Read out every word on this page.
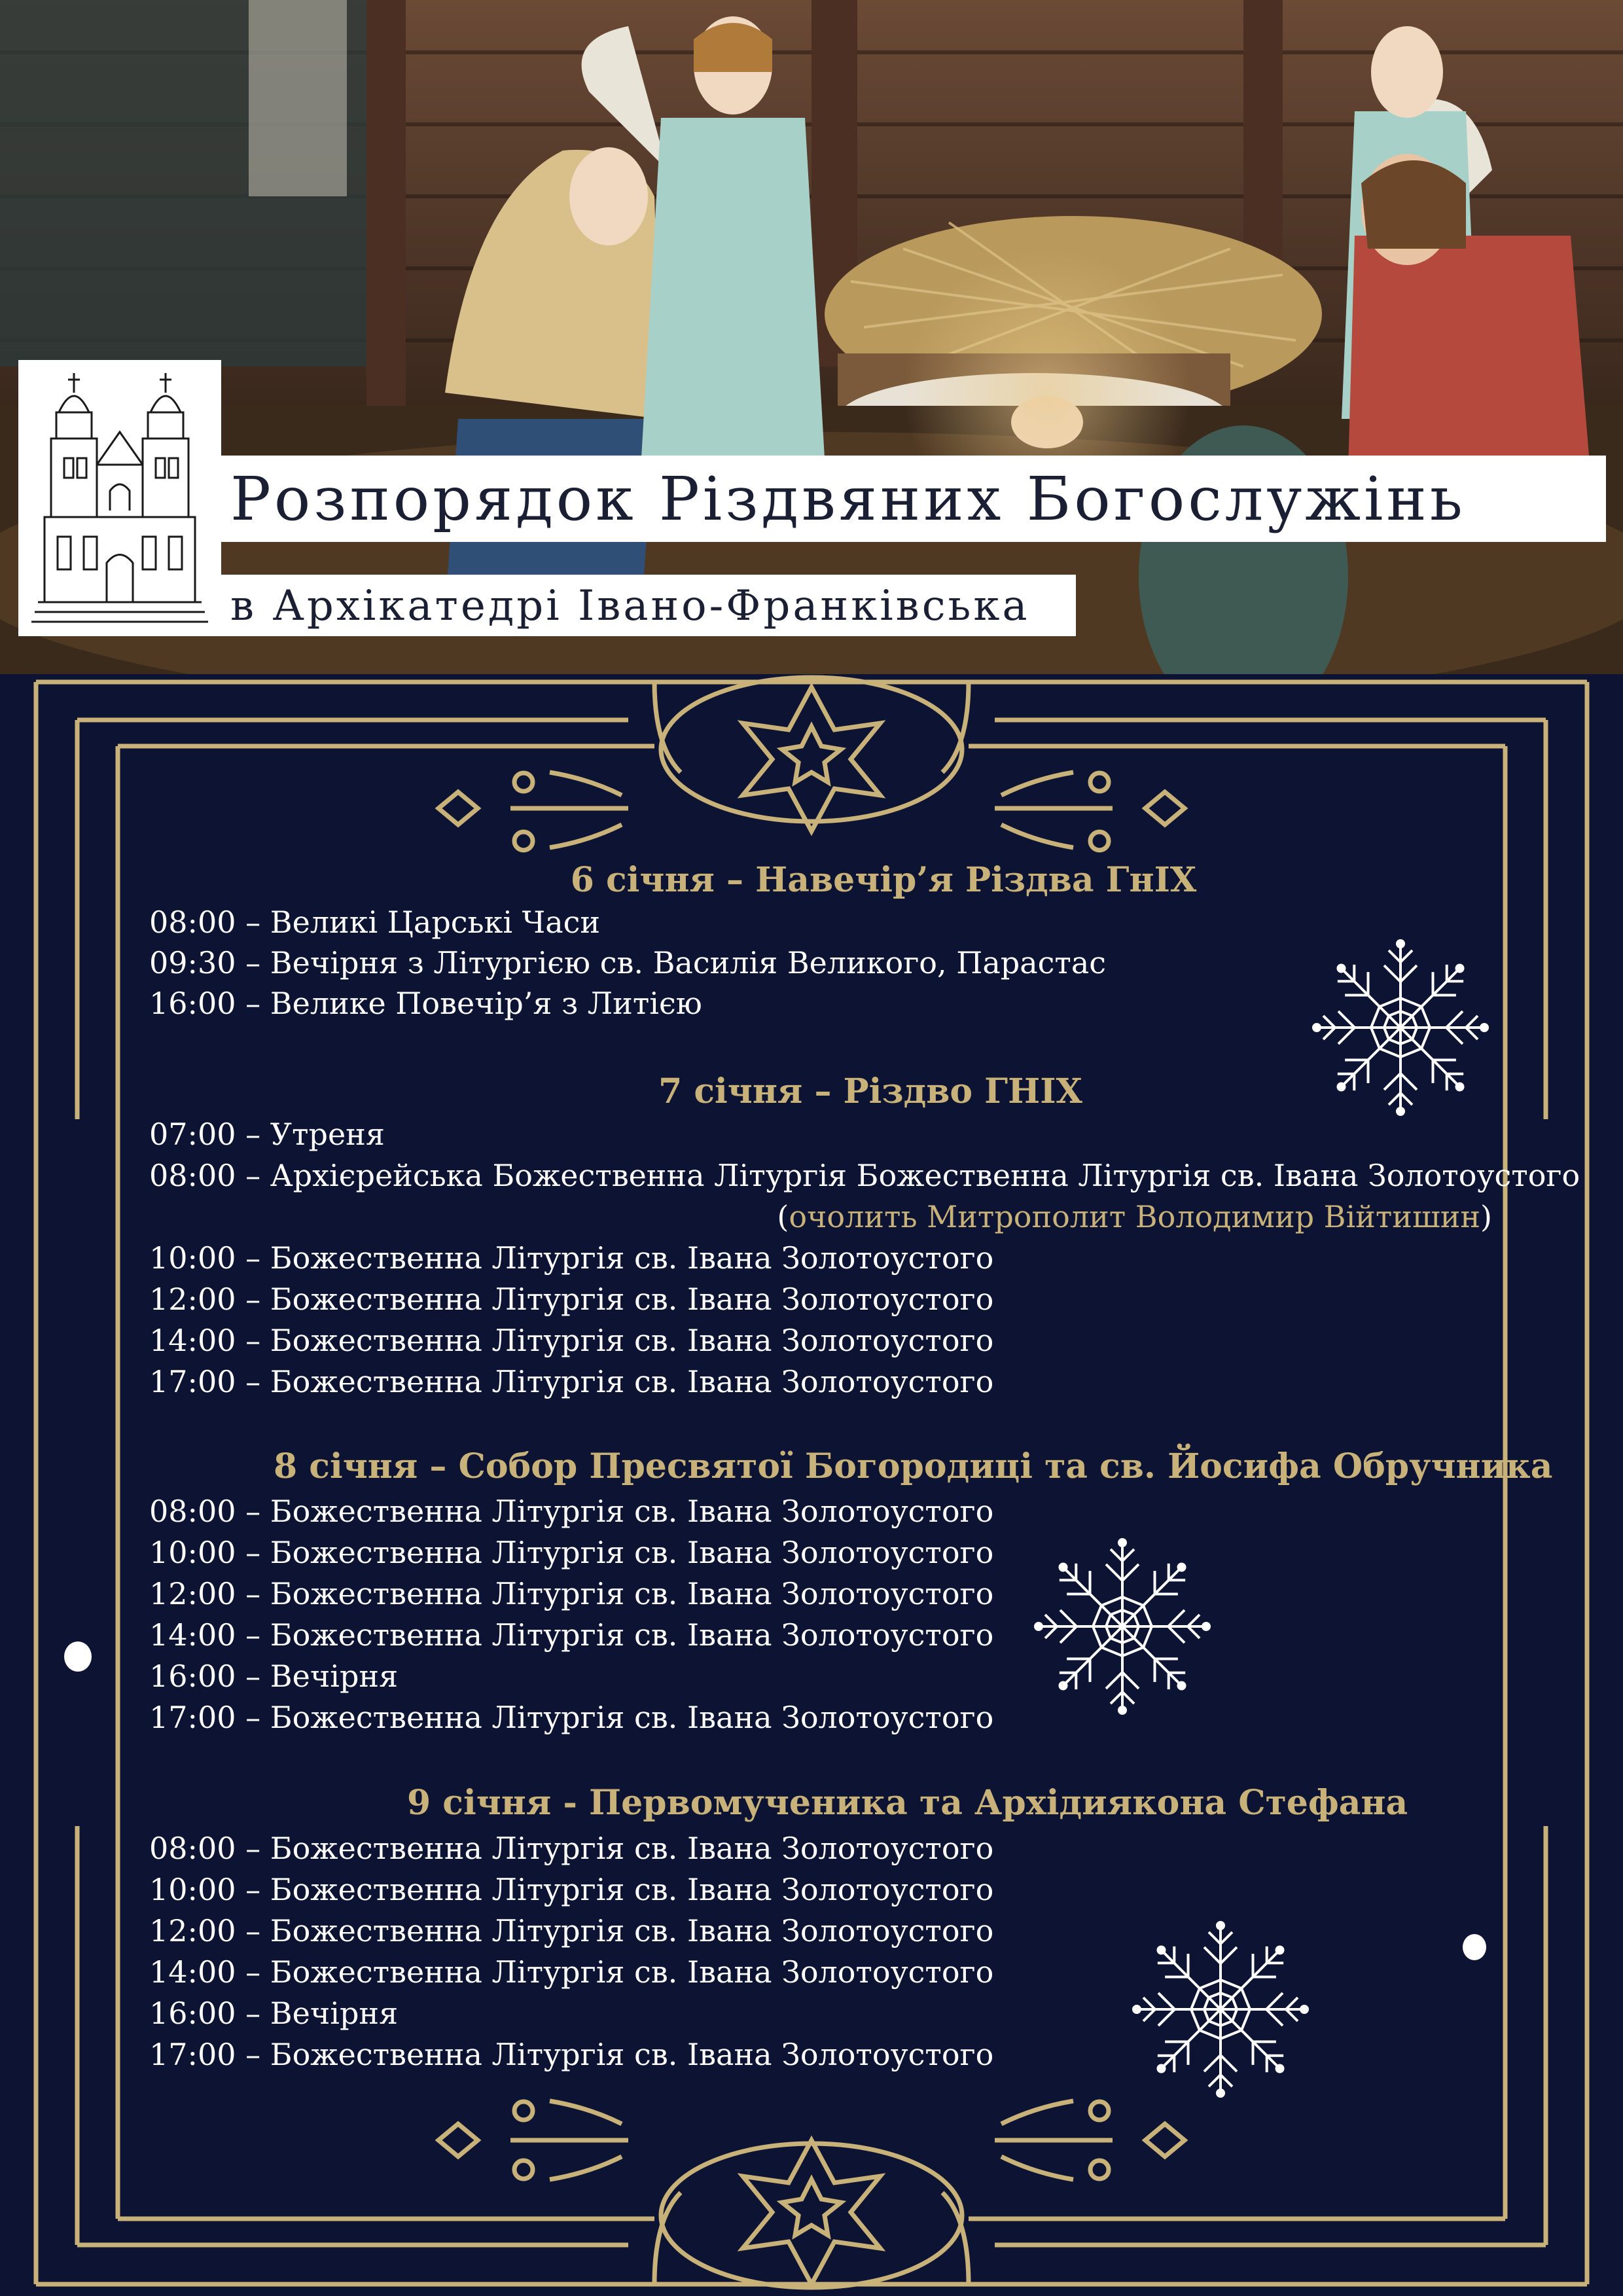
Розпорядок Різдвяних Богослужінь
в Архікатедрі Івано-Франківська
6 січня – Навечір’я Різдва ГнІХ
08:00 – Великі Царські Часи
09:30 – Вечірня з Літургією св. Василія Великого, Парастас
16:00 – Велике Повечір’я з Литією
7 січня – Різдво ГНІХ
07:00 – Утреня
08:00 – Архієрейська Божественна Літургія Божественна Літургія св. Івана Золотоустого
(очолить Митрополит Володимир Війтишин)
10:00 – Божественна Літургія св. Івана Золотоустого
12:00 – Божественна Літургія св. Івана Золотоустого
14:00 – Божественна Літургія св. Івана Золотоустого
17:00 – Божественна Літургія св. Івана Золотоустого
8 січня – Собор Пресвятої Богородиці та св. Йосифа Обручника
08:00 – Божественна Літургія св. Івана Золотоустого
10:00 – Божественна Літургія св. Івана Золотоустого
12:00 – Божественна Літургія св. Івана Золотоустого
14:00 – Божественна Літургія св. Івана Золотоустого
16:00 – Вечірня
17:00 – Божественна Літургія св. Івана Золотоустого
9 січня - Первомученика та Архідиякона Стефана
08:00 – Божественна Літургія св. Івана Золотоустого
10:00 – Божественна Літургія св. Івана Золотоустого
12:00 – Божественна Літургія св. Івана Золотоустого
14:00 – Божественна Літургія св. Івана Золотоустого
16:00 – Вечірня
17:00 – Божественна Літургія св. Івана Золотоустого
